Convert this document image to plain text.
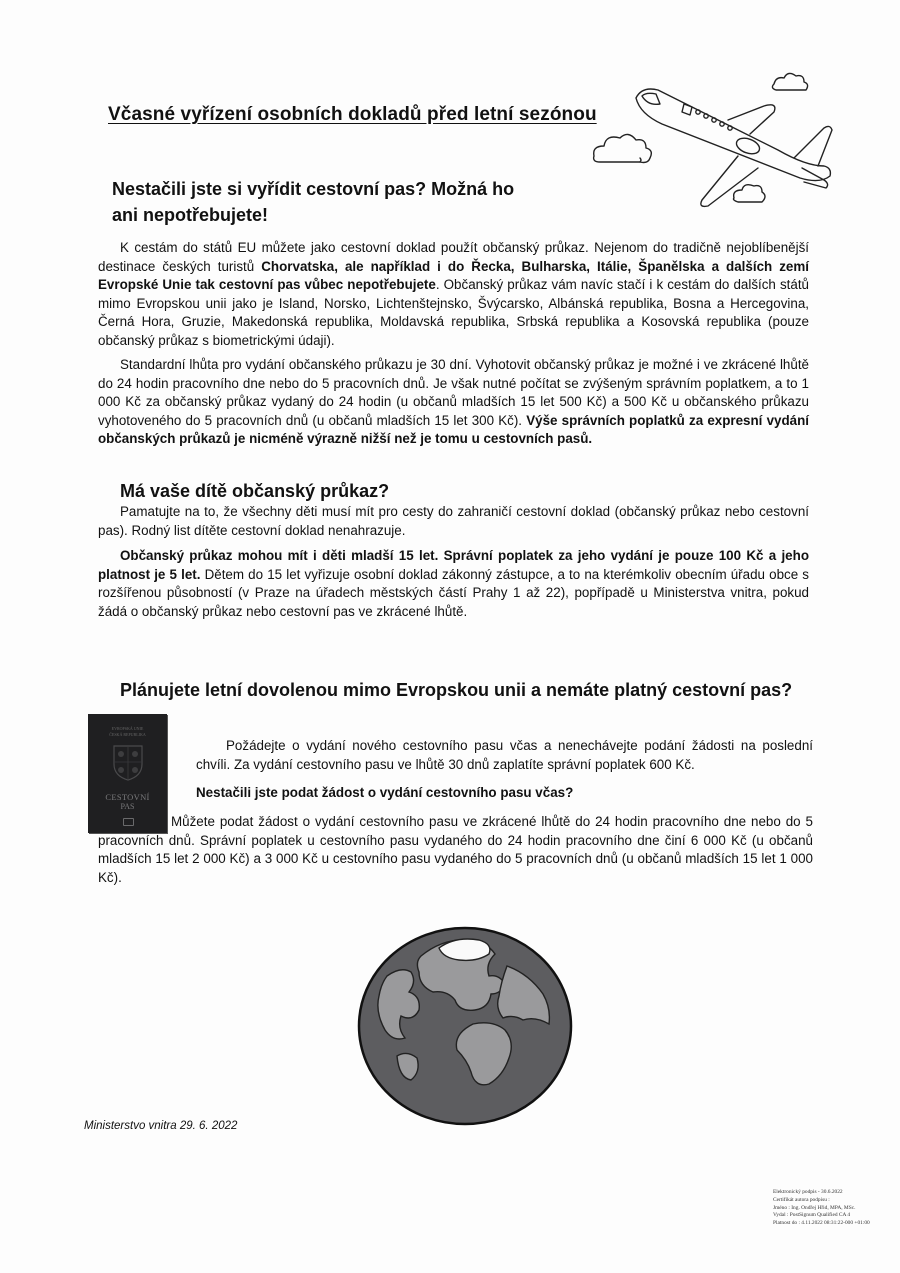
Včasné vyřízení osobních dokladů před letní sezónou
Nestačili jste si vyřídit cestovní pas? Možná ho ani nepotřebujete!
K cestám do států EU můžete jako cestovní doklad použít občanský průkaz. Nejenom do tradičně nejoblíbenější destinace českých turistů Chorvatska, ale například i do Řecka, Bulharska, Itálie, Španělska a dalších zemí Evropské Unie tak cestovní pas vůbec nepotřebujete. Občanský průkaz vám navíc stačí i k cestám do dalších států mimo Evropskou unii jako je Island, Norsko, Lichtenštejnsko, Švýcarsko, Albánská republika, Bosna a Hercegovina, Černá Hora, Gruzie, Makedonská republika, Moldavská republika, Srbská republika a Kosovská republika (pouze občanský průkaz s biometrickými údaji).
Standardní lhůta pro vydání občanského průkazu je 30 dní. Vyhotovit občanský průkaz je možné i ve zkrácené lhůtě do 24 hodin pracovního dne nebo do 5 pracovních dnů. Je však nutné počítat se zvýšeným správním poplatkem, a to 1 000 Kč za občanský průkaz vydaný do 24 hodin (u občanů mladších 15 let 500 Kč) a 500 Kč u občanského průkazu vyhotoveného do 5 pracovních dnů (u občanů mladších 15 let 300 Kč). Výše správních poplatků za expresní vydání občanských průkazů je nicméně výrazně nižší než je tomu u cestovních pasů.
Má vaše dítě občanský průkaz?
Pamatujte na to, že všechny děti musí mít pro cesty do zahraničí cestovní doklad (občanský průkaz nebo cestovní pas). Rodný list dítěte cestovní doklad nenahrazuje.
Občanský průkaz mohou mít i děti mladší 15 let. Správní poplatek za jeho vydání je pouze 100 Kč a jeho platnost je 5 let. Dětem do 15 let vyřizuje osobní doklad zákonný zástupce, a to na kterémkoliv obecním úřadu obce s rozšířenou působností (v Praze na úřadech městských částí Prahy 1 až 22), popřípadě u Ministerstva vnitra, pokud žádá o občanský průkaz nebo cestovní pas ve zkrácené lhůtě.
Plánujete letní dovolenou mimo Evropskou unii a nemáte platný cestovní pas?
EVROPSKÁ UNIE
ČESKÁ REPUBLIKA
CESTOVNÍ
PAS
Požádejte o vydání nového cestovního pasu včas a nenechávejte podání žádosti na poslední chvíli. Za vydání cestovního pasu ve lhůtě 30 dnů zaplatíte správní poplatek 600 Kč.
Nestačili jste podat žádost o vydání cestovního pasu včas?
Můžete podat žádost o vydání cestovního pasu ve zkrácené lhůtě do 24 hodin pracovního dne nebo do 5 pracovních dnů. Správní poplatek u cestovního pasu vydaného do 24 hodin pracovního dne činí 6 000 Kč (u občanů mladších 15 let 2 000 Kč) a 3 000 Kč u cestovního pasu vydaného do 5 pracovních dnů (u občanů mladších 15 let 1 000 Kč).
Ministerstvo vnitra 29. 6. 2022
Elektronický podpis - 30.6.2022
Certifikát autora podpisu :
Jméno : Ing. Ondřej Hřid, MPA, MSc.
Vydal : PostSignum Qualified CA 4
Platnost do : 4.11.2022 08:31:22-000 +01:00
